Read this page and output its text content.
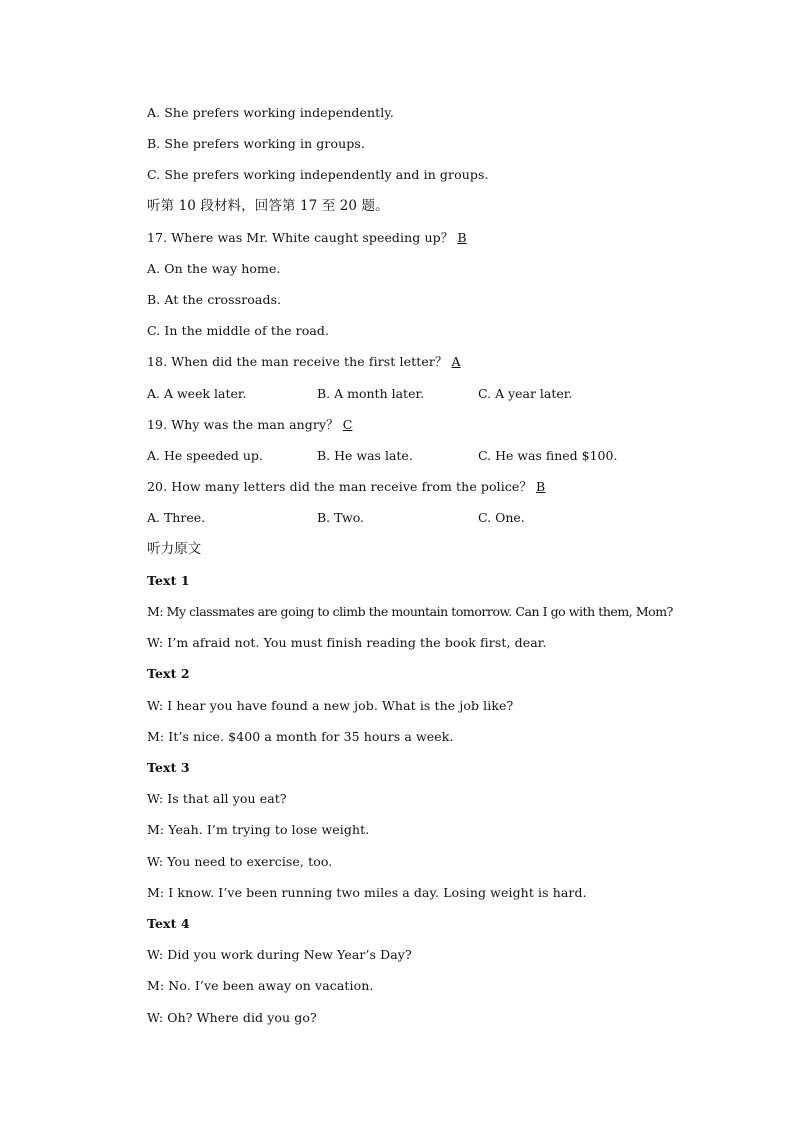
A. She prefers working independently.
B. She prefers working in groups.
C. She prefers working independently and in groups.
听第 10 段材料，回答第 17 至 20 题。
17. Where was Mr. White caught speeding up？ B
A. On the way home.
B. At the crossroads.
C. In the middle of the road.
18. When did the man receive the first letter？ A
A. A week later.	B. A month later.	C. A year later.
19. Why was the man angry？ C
A. He speeded up.	B. He was late.	C. He was fined $100.
20. How many letters did the man receive from the police？ B
A. Three.	B. Two.	C. One.
听力原文
Text 1
M: My classmates are going to climb the mountain tomorrow. Can I go with them, Mom?
W: I’m afraid not. You must finish reading the book first, dear.
Text 2
W: I hear you have found a new job. What is the job like?
M: It’s nice. $400 a month for 35 hours a week.
Text 3
W: Is that all you eat?
M: Yeah. I’m trying to lose weight.
W: You need to exercise, too.
M: I know. I’ve been running two miles a day. Losing weight is hard.
Text 4
W: Did you work during New Year’s Day?
M: No. I’ve been away on vacation.
W: Oh? Where did you go?
